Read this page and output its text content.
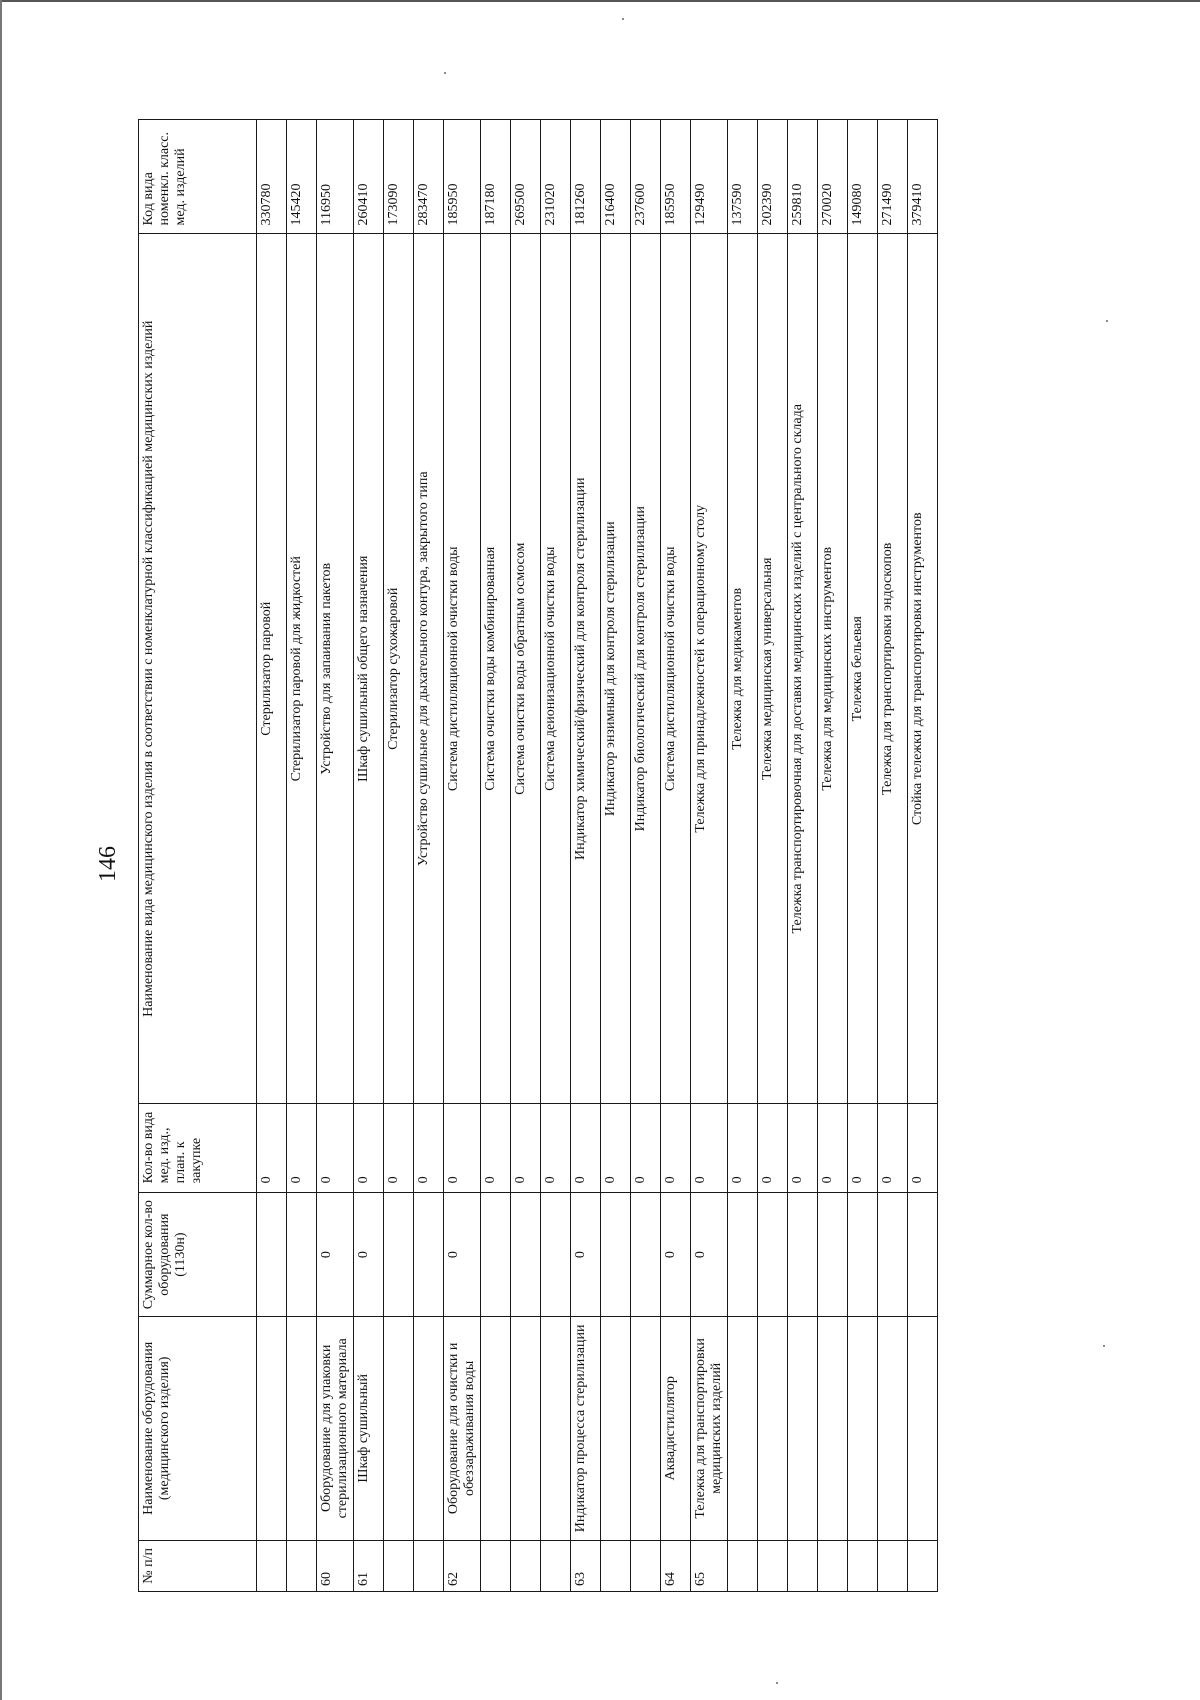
146
№ п/п	Наименование оборудования (медицинского изделия)	Суммарное кол-во оборудования (1130н)	Кол-во вида мед. изд., план. к закупке	Наименование вида медицинского изделия в соответствии с номенклатурной классификацией медицинских изделий	Код вида номенкл. класс. мед. изделий
			0	Стерилизатор паровой	330780
			0	Стерилизатор паровой для жидкостей	145420
60	Оборудование для упаковки стерилизационного материала	0	0	Устройство для запаивания пакетов	116950
61	Шкаф сушильный	0	0	Шкаф сушильный общего назначения	260410
			0	Стерилизатор сухожаровой	173090
			0	Устройство сушильное для дыхательного контура, закрытого типа	283470
62	Оборудование для очистки и обеззараживания воды	0	0	Система дистилляционной очистки воды	185950
			0	Система очистки воды комбинированная	187180
			0	Система очистки воды обратным осмосом	269500
			0	Система деионизационной очистки воды	231020
63	Индикатор процесса стерилизации	0	0	Индикатор химический/физический для контроля стерилизации	181260
			0	Индикатор энзимный для контроля стерилизации	216400
			0	Индикатор биологический для контроля стерилизации	237600
64	Аквадистиллятор	0	0	Система дистилляционной очистки воды	185950
65	Тележка для транспортировки медицинских изделий	0	0	Тележка для принадлежностей к операционному столу	129490
			0	Тележка для медикаментов	137590
			0	Тележка медицинская универсальная	202390
			0	Тележка транспортировочная для доставки медицинских изделий с центрального склада	259810
			0	Тележка для медицинских инструментов	270020
			0	Тележка бельевая	149080
			0	Тележка для транспортировки эндоскопов	271490
			0	Стойка тележки для транспортировки инструментов	379410
